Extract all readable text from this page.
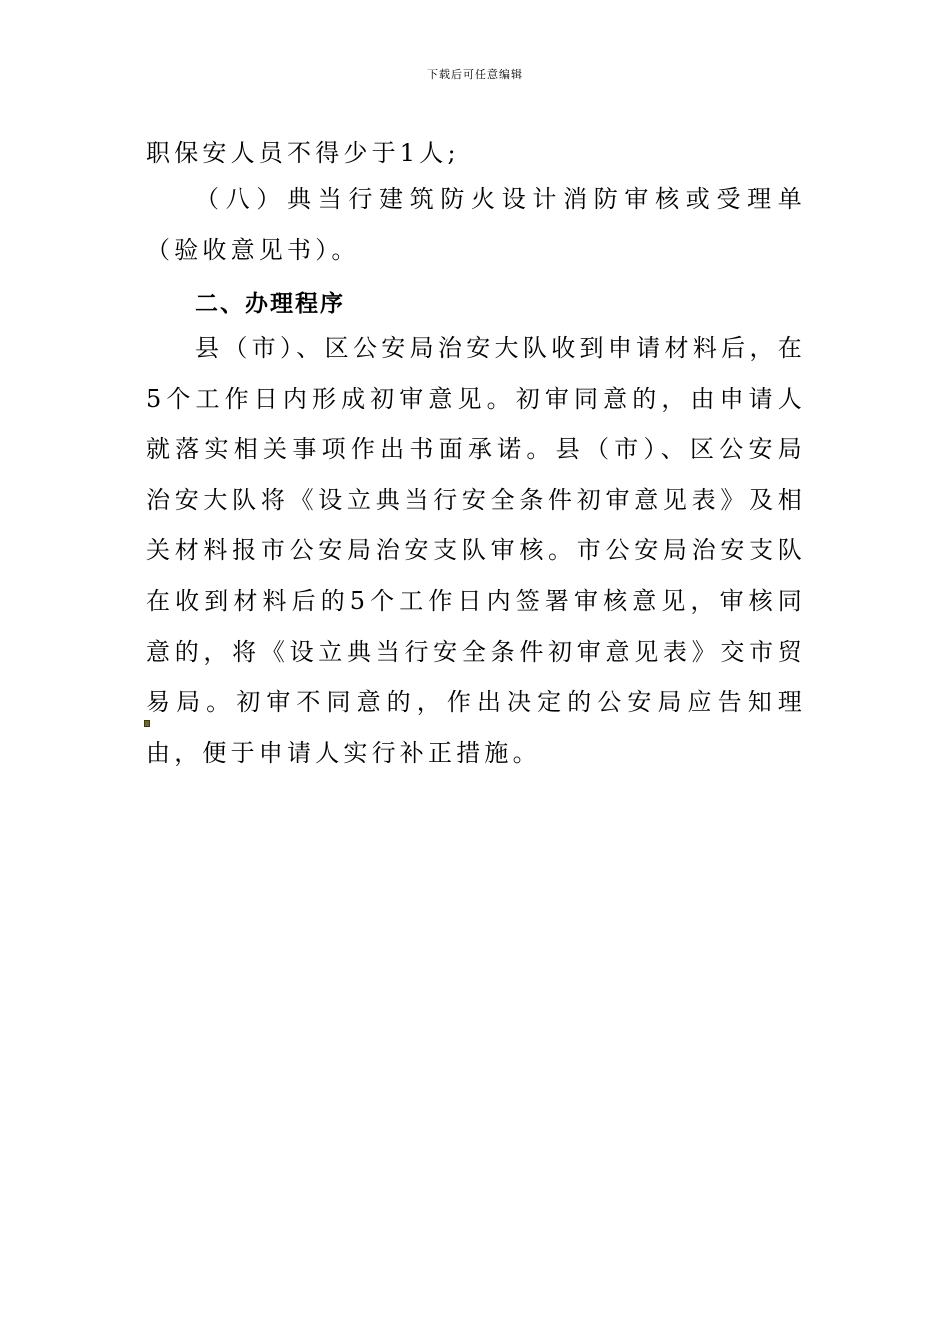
下载后可任意编辑
职保安人员不得少于1人;
（八）典当行建筑防火设计消防审核或受理单（验收意见书）。
二、办理程序
县（市）、区公安局治安大队收到申请材料后，在5个工作日内形成初审意见。初审同意的，由申请人就落实相关事项作出书面承诺。县（市）、区公安局治安大队将《设立典当行安全条件初审意见表》及相关材料报市公安局治安支队审核。市公安局治安支队在收到材料后的5个工作日内签署审核意见，审核同意的，将《设立典当行安全条件初审意见表》交市贸易局。初审不同意的，作出决定的公安局应告知理由，便于申请人实行补正措施。
